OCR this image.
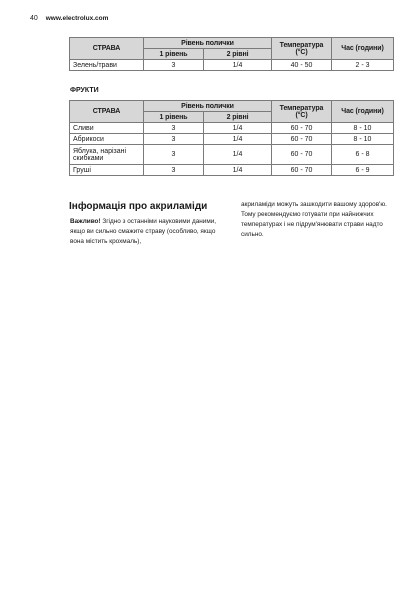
40 www.electrolux.com
СТРАВА	Рівень полички		Температура (°C)	Час (години)
	1 рівень	2 рівні		
Зелень/трави	3	1/4	40 - 50	2 - 3
ФРУКТИ
СТРАВА	Рівень полички		Температура (°C)	Час (години)
	1 рівень	2 рівні		
Сливи	3	1/4	60 - 70	8 - 10
Абрикоси	3	1/4	60 - 70	8 - 10
Яблука, нарізані скибками	3	1/4	60 - 70	6 - 8
Груші	3	1/4	60 - 70	6 - 9
Інформація про акриламіди
Важливо! Згідно з останніми науковими даними, якщо ви сильно смажите страву (особливо, якщо вона містить крохмаль),
акриламіди можуть зашкодити вашому здоров'ю. Тому рекомендуємо готувати при найнижчих температурах і не підрум'янювати страви надто сильно.
